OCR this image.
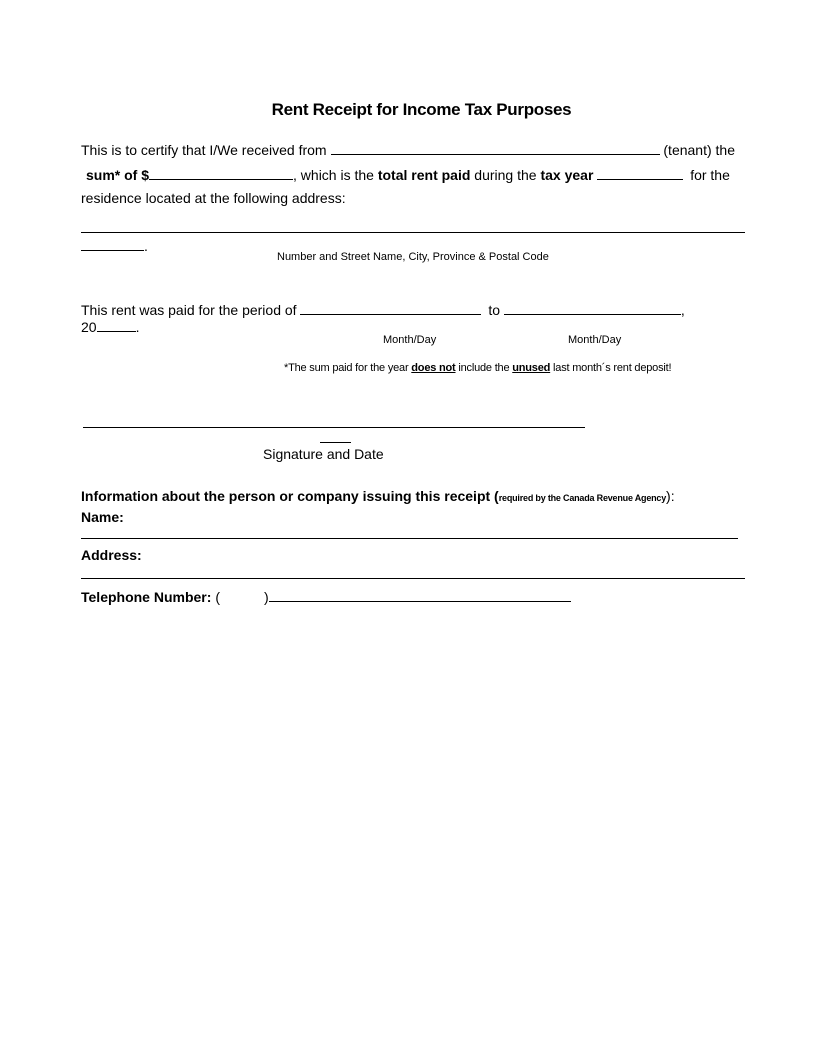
Rent Receipt for Income Tax Purposes
This is to certify that I/We received from	(tenant) the
sum* of $	, which is the total rent paid during the tax year	for the
residence located at the following address:
.
Number and Street Name, City, Province & Postal Code
This rent was paid for the period of	to	,
20	.
Month/Day	Month/Day
*The sum paid for the year does not include the unused last month´s rent deposit!
Signature and Date
Information about the person or company issuing this receipt (required by the Canada Revenue Agency):
Name:
Address:
Telephone Number: (	)
